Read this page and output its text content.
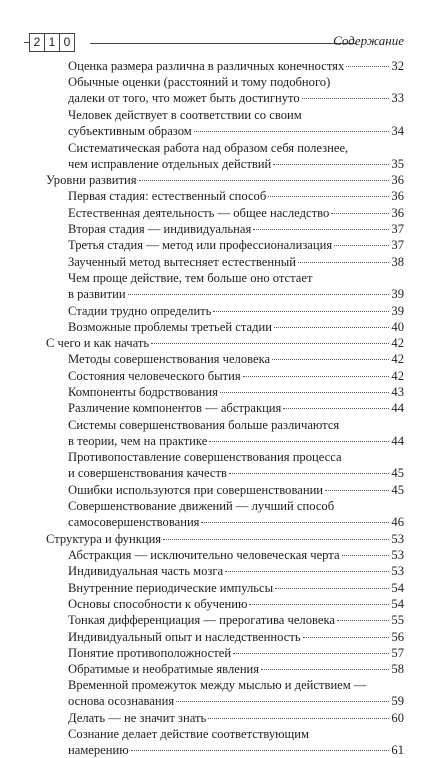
2 1 0	Содержание
Оценка размера различна в различных конечностях	32
Обычные оценки (расстояний и тому подобного)
далеки от того, что может быть достигнуто	33
Человек действует в соответствии со своим
субъективным образом	34
Систематическая работа над образом себя полезнее,
чем исправление отдельных действий	35
Уровни развития	36
Первая стадия: естественный способ	36
Естественная деятельность — общее наследство	36
Вторая стадия — индивидуальная	37
Третья стадия — метод или профессионализация	37
Заученный метод вытесняет естественный	38
Чем проще действие, тем больше оно отстает
в развитии	39
Стадии трудно определить	39
Возможные проблемы третьей стадии	40
С чего и как начать	42
Методы совершенствования человека	42
Состояния человеческого бытия	42
Компоненты бодрствования	43
Различение компонентов — абстракция	44
Системы совершенствования больше различаются
в теории, чем на практике	44
Противопоставление совершенствования процесса
и совершенствования качеств	45
Ошибки используются при совершенствовании	45
Совершенствование движений — лучший способ
самосовершенствования	46
Структура и функция	53
Абстракция — исключительно человеческая черта	53
Индивидуальная часть мозга	53
Внутренние периодические импульсы	54
Основы способности к обучению	54
Тонкая дифференциация — прерогатива человека	55
Индивидуальный опыт и наследственность	56
Понятие противоположностей	57
Обратимые и необратимые явления	58
Временной промежуток между мыслью и действием —
основа осознавания	59
Делать — не значит знать	60
Сознание делает действие соответствующим
намерению	61
